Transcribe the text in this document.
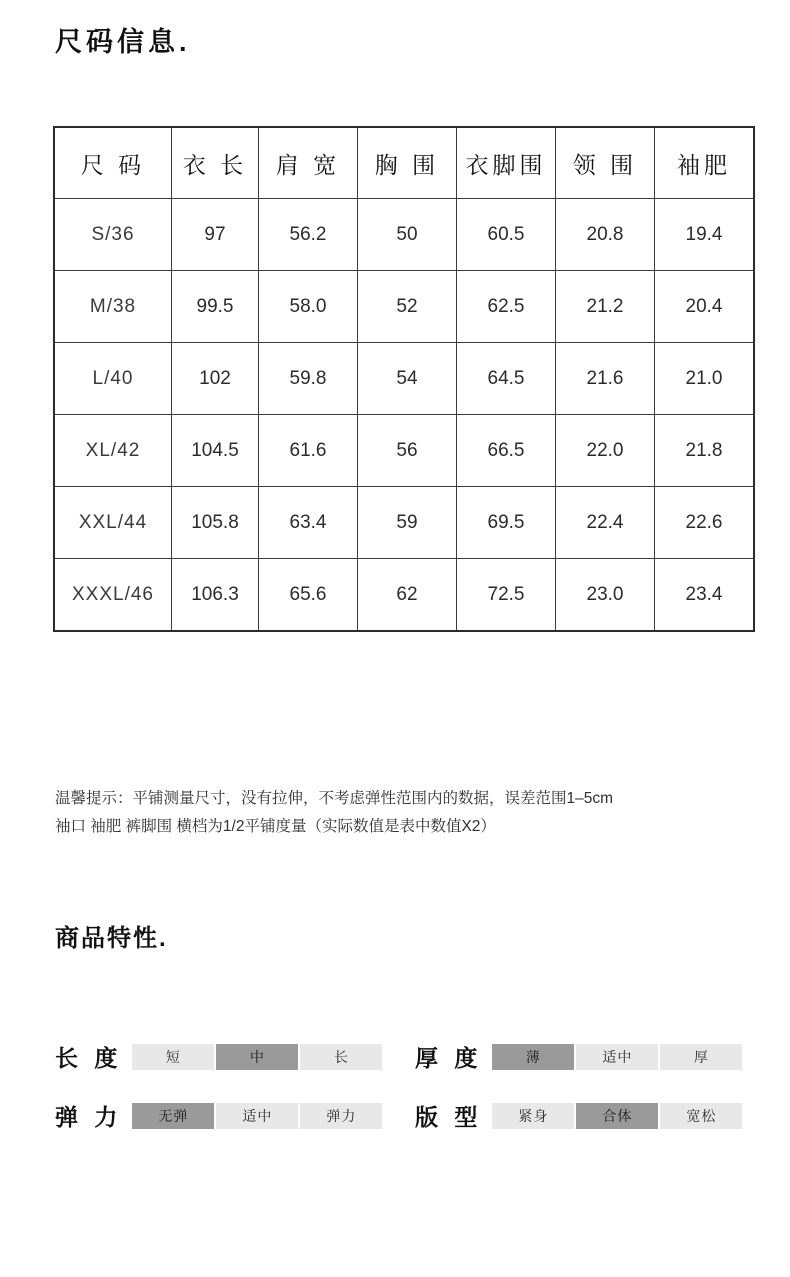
尺码信息.
尺 码	衣 长	肩 宽	胸 围	衣脚围	领 围	袖肥
S/36	97	56.2	50	60.5	20.8	19.4
M/38	99.5	58.0	52	62.5	21.2	20.4
L/40	102	59.8	54	64.5	21.6	21.0
XL/42	104.5	61.6	56	66.5	22.0	21.8
XXL/44	105.8	63.4	59	69.5	22.4	22.6
XXXL/46	106.3	65.6	62	72.5	23.0	23.4
温馨提示：平铺测量尺寸，没有拉伸，不考虑弹性范围内的数据，误差范围1–5cm
袖口 袖肥 裤脚围 横档为1/2平铺度量（实际数值是表中数值X2）
商品特性.
长 度	短	中	长	厚 度	薄	适中	厚
弹 力	无弹	适中	弹力	版 型	紧身	合体	宽松
